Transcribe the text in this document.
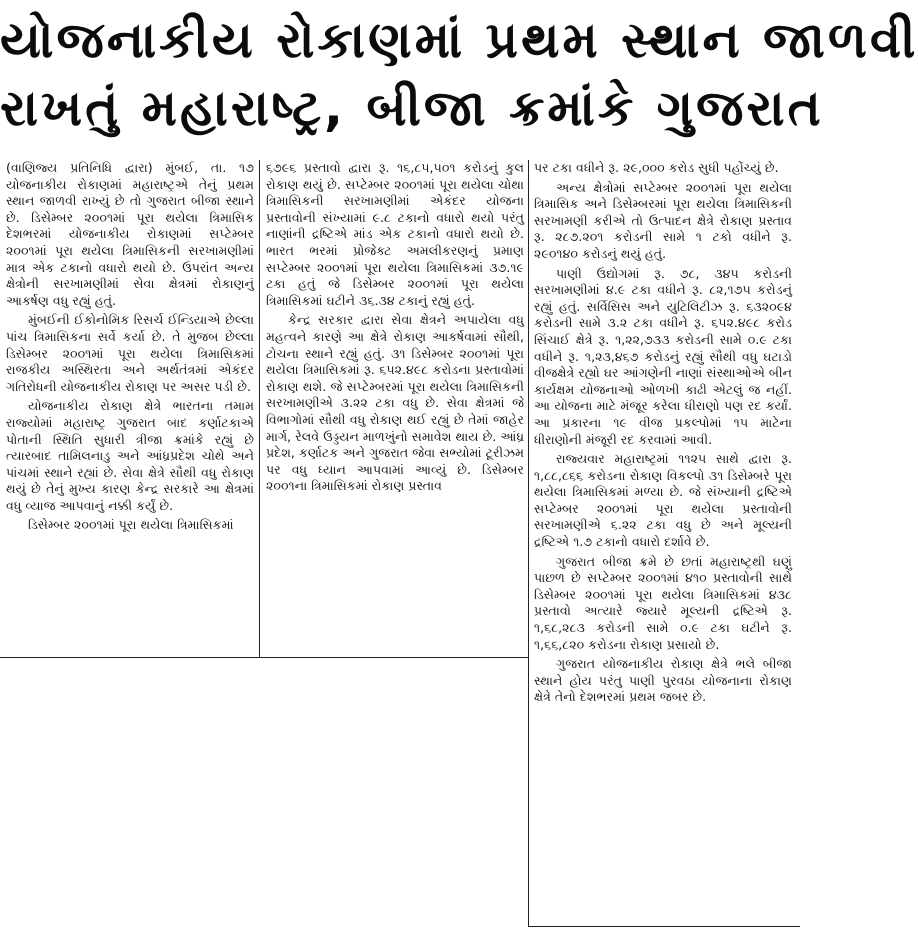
યોજનાકીય રોકાણમાં પ્રથમ સ્થાન જાળવી
રાખતું મહારાષ્ટ્ર, બીજા ક્રમાંકે ગુજરાત

(વાણિજ્ય પ્રતિનિધિ દ્વારા) મુંબઈ, તા. ૧૭ યોજનાકીય રોકાણમાં મહારાષ્ટ્રએ તેનું પ્રથમ સ્થાન જાળવી રાખ્યું છે તો ગુજરાત બીજા સ્થાને છે. ડિસેમ્બર ૨૦૦૧માં પૂરા થયેલા ત્રિમાસિક દેશભરમાં યોજનાકીય રોકાણમાં સપ્ટેમ્બર ૨૦૦૧માં પૂરા થયેલા ત્રિમાસિકની સરખામણીમાં માત્ર એક ટકાનો વધારો થયો છે. ઉપરાંત અન્ય ક્ષેત્રોની સરખામણીમાં સેવા ક્ષેત્રમાં રોકાણનું આકર્ષણ વધુ રહ્યું હતું.

મુંબઈની ઈકોનોમિક રિસર્ચ ઈન્ડિયાએ છેલ્લા પાંચ ત્રિમાસિકના સર્વે કર્યા છે. તે મુજબ છેલ્લા ડિસેમ્બર ૨૦૦૧માં પૂરા થયેલા ત્રિમાસિકમાં રાજકીય અસ્થિરતા અને અર્થતંત્રમાં એકંદર ગતિરોધની યોજનાકીય રોકાણ પર અસર પડી છે.

યોજનાકીય રોકાણ ક્ષેત્રે ભારતના તમામ રાજ્યોમાં મહારાષ્ટ્ર ગુજરાત બાદ કર્ણાટકાએ પોતાની સ્થિતિ સુધારી ત્રીજા ક્રમાંકે રહ્યું છે ત્યારબાદ તામિલનાડુ અને આંધ્રપ્રદેશ ચોથે અને પાંચમાં સ્થાને રહ્યાં છે. સેવા ક્ષેત્રે સૌથી વધુ રોકાણ થયું છે તેનું મુખ્ય કારણ કેન્દ્ર સરકારે આ ક્ષેત્રમાં વધુ વ્યાજ આપવાનું નક્કી કર્યું છે.

ડિસેમ્બર ૨૦૦૧માં પૂરા થયેલા ત્રિમાસિકમાં

૬૭૯૬ પ્રસ્તાવો દ્વારા રૂ. ૧૬,૮૫,૫૦૧ કરોડનું કુલ રોકાણ થયું છે. સપ્ટેમ્બર ૨૦૦૧માં પૂરા થયેલા ચોથા ત્રિમાસિકની સરખામણીમાં એકંદર યોજના પ્રસ્તાવોની સંખ્યામાં ૯.૮ ટકાનો વધારો થયો પરંતુ નાણાંની દ્રષ્ટિએ માંડ એક ટકાનો વધારો થયો છે. ભારત ભરમાં પ્રોજેક્ટ અમલીકરણનું પ્રમાણ સપ્ટેમ્બર ૨૦૦૧માં પૂરા થયેલા ત્રિમાસિકમાં ૩૭.૧૯ ટકા હતું જે ડિસેમ્બર ૨૦૦૧માં પૂરા થયેલા ત્રિમાસિકમાં ઘટીને ૩૬.૩૪ ટકાનું રહ્યું હતું.

કેન્દ્ર સરકાર દ્વારા સેવા ક્ષેત્રને અપાયેલા વધુ મહત્વને કારણે આ ક્ષેત્રે રોકાણ આકર્ષવામાં સૌથી, ટોચના સ્થાને રહ્યું હતું. ૩૧ ડિસેમ્બર ૨૦૦૧માં પૂરા થયેલા ત્રિમાસિકમાં રૂ. ૬૫૨.૪૯૮ કરોડના પ્રસ્તાવોમાં રોકાણ થશે. જે સપ્ટેમ્બરમાં પૂરા થયેલા ત્રિમાસિકની સરખામણીએ ૩.૨૨ ટકા વધુ છે. સેવા ક્ષેત્રમાં જે વિભાગોમાં સૌથી વધુ રોકાણ થઈ રહ્યું છે તેમાં જાહેર માર્ગ, રેલવે ઉડ્ડયન માળખુંનો સમાવેશ થાય છે. આંધ્ર પ્રદેશ, કર્ણાટક અને ગુજરાત જેવા સભ્યોમાં ટૂરીઝમ પર વધુ ધ્યાન આપવામાં આવ્યું છે. ડિસેમ્બર ૨૦૦૧ના ત્રિમાસિકમાં રોકાણ પ્રસ્તાવ

પર ટકા વધીને રૂ. ૨૯,૦૦૦ કરોડ સુધી પહોંચ્યું છે.

અન્ય ક્ષેત્રોમાં સપ્ટેમ્બર ૨૦૦૧માં પૂરા થયેલા ત્રિમાસિક અને ડિસેમ્બરમાં પૂરા થયેલા ત્રિમાસિકની સરખામણી કરીએ તો ઉત્પાદન ક્ષેત્રે રોકાણ પ્રસ્તાવ રૂ. ૨૮૭.૨૦૧ કરોડની સામે ૧ ટકો વધીને રૂ. ૨૯૦૧૪૦ કરોડનું થયું હતું.

પાણી ઉદ્યોગમાં રૂ. ૭૮, ૩૪૫ કરોડની સરખામણીમાં ૪.૯ ટકા વધીને રૂ. ૮૨,૧૭૫ કરોડનું રહ્યું હતું. સર્વિસિસ અને યુટિલિટીઝ રૂ. ૬૩૨૦૯૪ કરોડની સામે ૩.૨ ટકા વધીને રૂ. ૬૫૨.૪૯૮ કરોડ સિંચાઈ ક્ષેત્રે રૂ. ૧,૨૨,૭૩૩ કરોડની સામે ૦.૯ ટકા વધીને રૂ. ૧,૨૩,૪૬૭ કરોડનું રહ્યું સૌથી વધુ ઘટાડો વીજક્ષેત્રે રહ્યો ઘર આંગણેની નાણાં સંસ્થાઓએ બીન કાર્યક્ષમ યોજનાઓ ઓળખી કાઢી એટલું જ નહીં. આ યોજના માટે મંજૂર કરેલા ધીરાણો પણ રદ કર્યાં. આ પ્રકારના ૧૯ વીજ પ્રકલ્પોમાં ૧૫ માટેના ધીરાણોની મંજૂરી રદ કરવામાં આવી.

રાજ્યવાર મહારાષ્ટ્રમાં ૧૧૨૫ સાથે દ્વારા રૂ. ૧,૮૮,૮૬૬ કરોડના રોકાણ વિકલ્પો ૩૧ ડિસેમ્બરે પૂરા થયેલા ત્રિમાસિકમાં મળ્યા છે. જે સંખ્યાની દ્રષ્ટિએ સપ્ટેમ્બર ૨૦૦૧માં પૂરા થયેલા પ્રસ્તાવોની સરખામણીએ ૬.૨૨ ટકા વધુ છે અને મૂલ્યની દ્રષ્ટિએ ૧.૭ ટકાનો વધારો દર્શાવે છે.

ગુજરાત બીજા ક્રમે છે છતાં મહારાષ્ટ્રથી ઘણું પાછળ છે સપ્ટેમ્બર ૨૦૦૧માં ૪૧૦ પ્રસ્તાવોની સાથે ડિસેમ્બર ૨૦૦૧માં પૂરા થયેલા ત્રિમાસિકમાં ૪૩૮ પ્રસ્તાવો અત્યારે જ્યારે મૂલ્યની દ્રષ્ટિએ રૂ. ૧,૬૮,૨૮૩ કરોડની સામે ૦.૯ ટકા ઘટીને રૂ. ૧,૬૬,૮૨૦ કરોડના રોકાણ પ્રસાયો છે.

ગુજરાત યોજનાકીય રોકાણ ક્ષેત્રે ભલે બીજા સ્થાને હોય પરંતુ પાણી પુરવઠા યોજનાના રોકાણ ક્ષેત્રે તેનો દેશભરમાં પ્રથમ જબર છે.
